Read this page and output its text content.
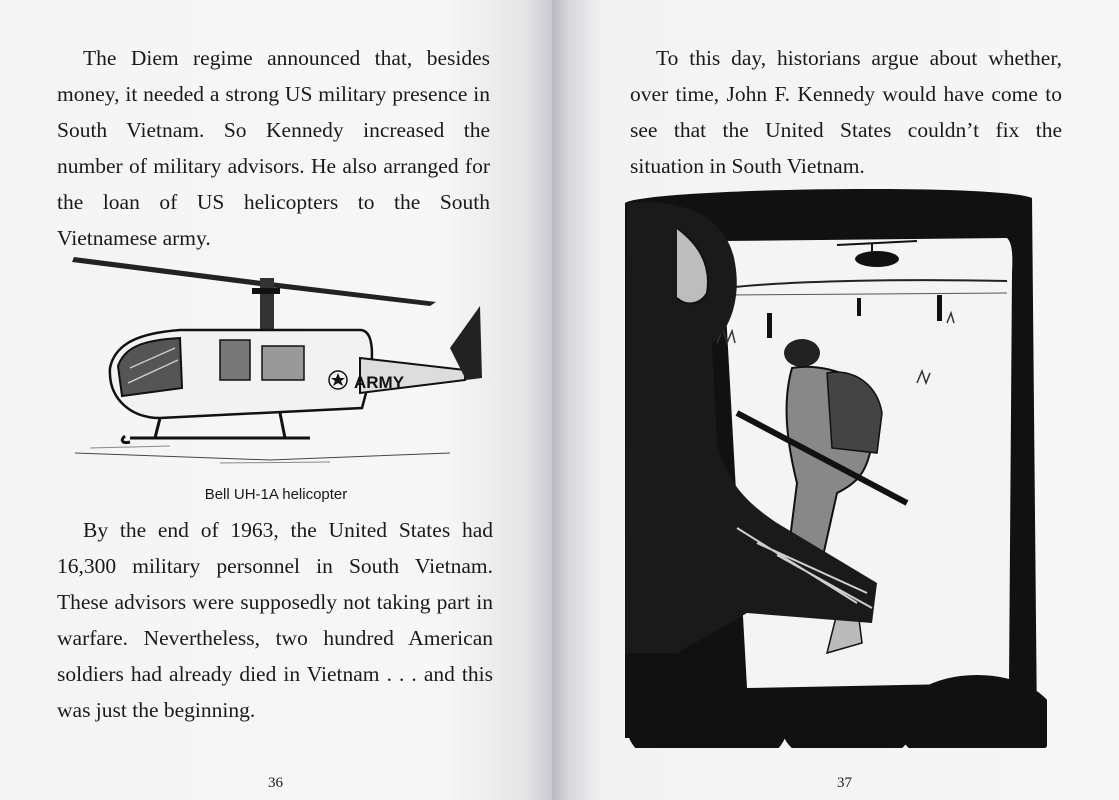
The Diem regime announced that, besides money, it needed a strong US military presence in South Vietnam. So Kennedy increased the number of military advisors. He also arranged for the loan of US helicopters to the South Vietnamese army.

ARMY
Bell UH-1A helicopter

By the end of 1963, the United States had 16,300 military personnel in South Vietnam. These advisors were supposedly not taking part in warfare. Nevertheless, two hundred American soldiers had already died in Vietnam . . . and this was just the beginning.

36

To this day, historians argue about whether, over time, John F. Kennedy would have come to see that the United States couldn’t fix the situation in South Vietnam.

37
